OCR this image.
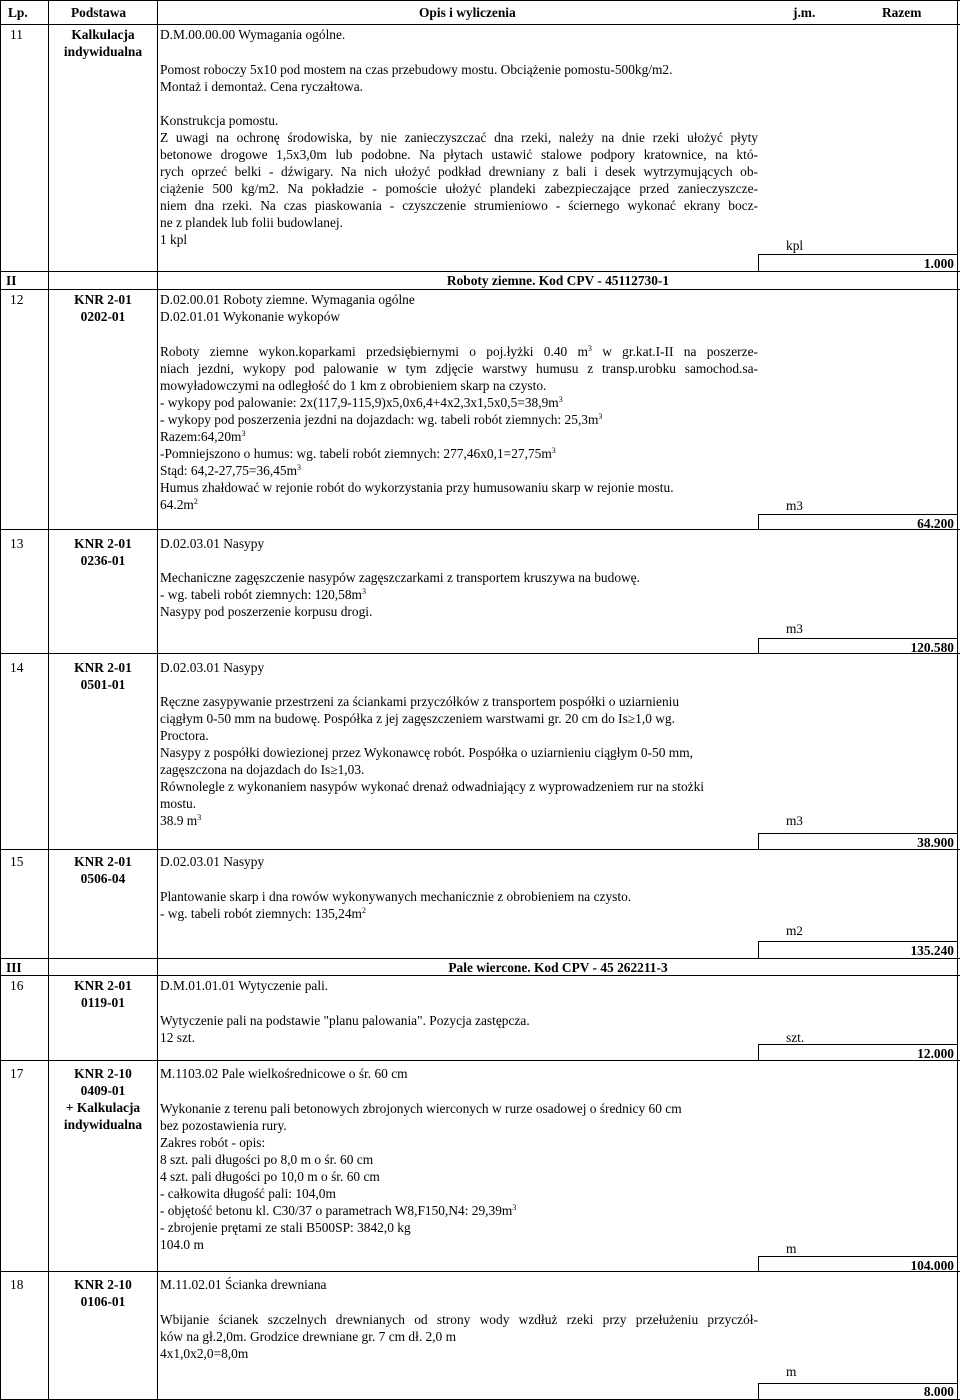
Lp.	Podstawa	Opis i wyliczenia	j.m.	Razem
11	Kalkulacja
indywidualna
D.M.00.00.00 Wymagania ogólne.
Pomost roboczy 5x10 pod mostem na czas przebudowy mostu. Obciążenie pomostu-500kg/m2.
Montaż i demontaż. Cena ryczałtowa.

Konstrukcja pomostu.
Z uwagi na ochronę środowiska, by nie zanieczyszczać dna rzeki, należy na dnie rzeki ułożyć płyty
betonowe drogowe 1,5x3,0m lub podobne. Na płytach ustawić stalowe podpory kratownice, na któ-
rych oprzeć belki - dźwigary. Na nich ułożyć podkład drewniany z bali i desek wytrzymujących ob-
ciążenie 500 kg/m2. Na pokładzie - pomoście ułożyć plandeki zabezpieczające przed zanieczyszcze-
niem dna rzeki. Na czas piaskowania - czyszczenie strumieniowo - ściernego wykonać ekrany bocz-
ne z plandek lub folii budowlanej.
1 kpl	kpl
1.000
II	Roboty ziemne. Kod CPV - 45112730-1
12	KNR 2-01
0202-01
D.02.00.01 Roboty ziemne. Wymagania ogólne
D.02.01.01 Wykonanie wykopów
Roboty ziemne wykon.koparkami przedsiębiernymi o poj.łyżki 0.40 $m^3$ w gr.kat.I-II na poszerze-
niach jezdni, wykopy pod palowanie w tym zdjęcie warstwy humusu z transp.urobku samochod.sa-
mowyładowczymi na odległość do 1 km z obrobieniem skarp na czysto.
- wykopy pod palowanie: $2x(117,9-115,9)x5,0x6,4+4x2,3x1,5x0,5=38,9m^3$
- wykopy pod poszerzenia jezdni na dojazdach: wg. tabeli robót ziemnych: $25,3m^3$
$Razem:64,20m^3$
-Pomniejszono o humus: wg. tabeli robót ziemnych: $277,46x0,1=27,75m^3$
Stąd: $64,2-27,75=36,45m^3$
Humus zhałdować w rejonie robót do wykorzystania przy humusowaniu skarp w rejonie mostu.
$64.2m^2$	m3
64.200
13	KNR 2-01
0236-01
D.02.03.01 Nasypy
Mechaniczne zagęszczenie nasypów zagęszczarkami z transportem kruszywa na budowę.
- wg. tabeli robót ziemnych: $120,58m^3$
Nasypy pod poszerzenie korpusu drogi.
m3
120.580
14	KNR 2-01
0501-01
D.02.03.01 Nasypy
Ręczne zasypywanie przestrzeni za ściankami przyczółków z transportem pospółki o uziarnieniu
ciągłym 0-50 mm na budowę. Pospółka z jej zagęszczeniem warstwami gr. 20 cm do Is≥1,0 wg.
Proctora.
Nasypy z pospółki dowiezionej przez Wykonawcę robót. Pospółka o uziarnieniu ciągłym 0-50 mm,
zagęszczona na dojazdach do Is≥1,03.
Równolegle z wykonaniem nasypów wykonać drenaż odwadniający z wyprowadzeniem rur na stożki
mostu.
38.9 $m^3$	m3
38.900
15	KNR 2-01
0506-04
D.02.03.01 Nasypy
Plantowanie skarp i dna rowów wykonywanych mechanicznie z obrobieniem na czysto.
- wg. tabeli robót ziemnych: $135,24m^2$
m2
135.240
III	Pale wiercone. Kod CPV - 45 262211-3
16	KNR 2-01
0119-01
D.M.01.01.01 Wytyczenie pali.
Wytyczenie pali na podstawie "planu palowania". Pozycja zastępcza.
12 szt.	szt.
12.000
17	KNR 2-10
0409-01
+ Kalkulacja
indywidualna
M.1103.02 Pale wielkośrednicowe o śr. 60 cm
Wykonanie z terenu pali betonowych zbrojonych wierconych w rurze osadowej o średnicy 60 cm
bez pozostawienia rury.
Zakres robót - opis:
8 szt. pali długości po 8,0 m o śr. 60 cm
4 szt. pali długości po 10,0 m o śr. 60 cm
- całkowita długość pali: 104,0m
- objętość betonu kl. C30/37 o parametrach W8,F150,N4: $29,39m^3$
- zbrojenie prętami ze stali B500SP: 3842,0 kg
104.0 m	m
104.000
18	KNR 2-10
0106-01
M.11.02.01 Ścianka drewniana
Wbijanie ścianek szczelnych drewnianych od strony wody wzdłuż rzeki przy przełużeniu przyczół-
ków na gł.2,0m. Grodzice drewniane gr. 7 cm dł. 2,0 m
4x1,0x2,0=8,0m
m
8.000
